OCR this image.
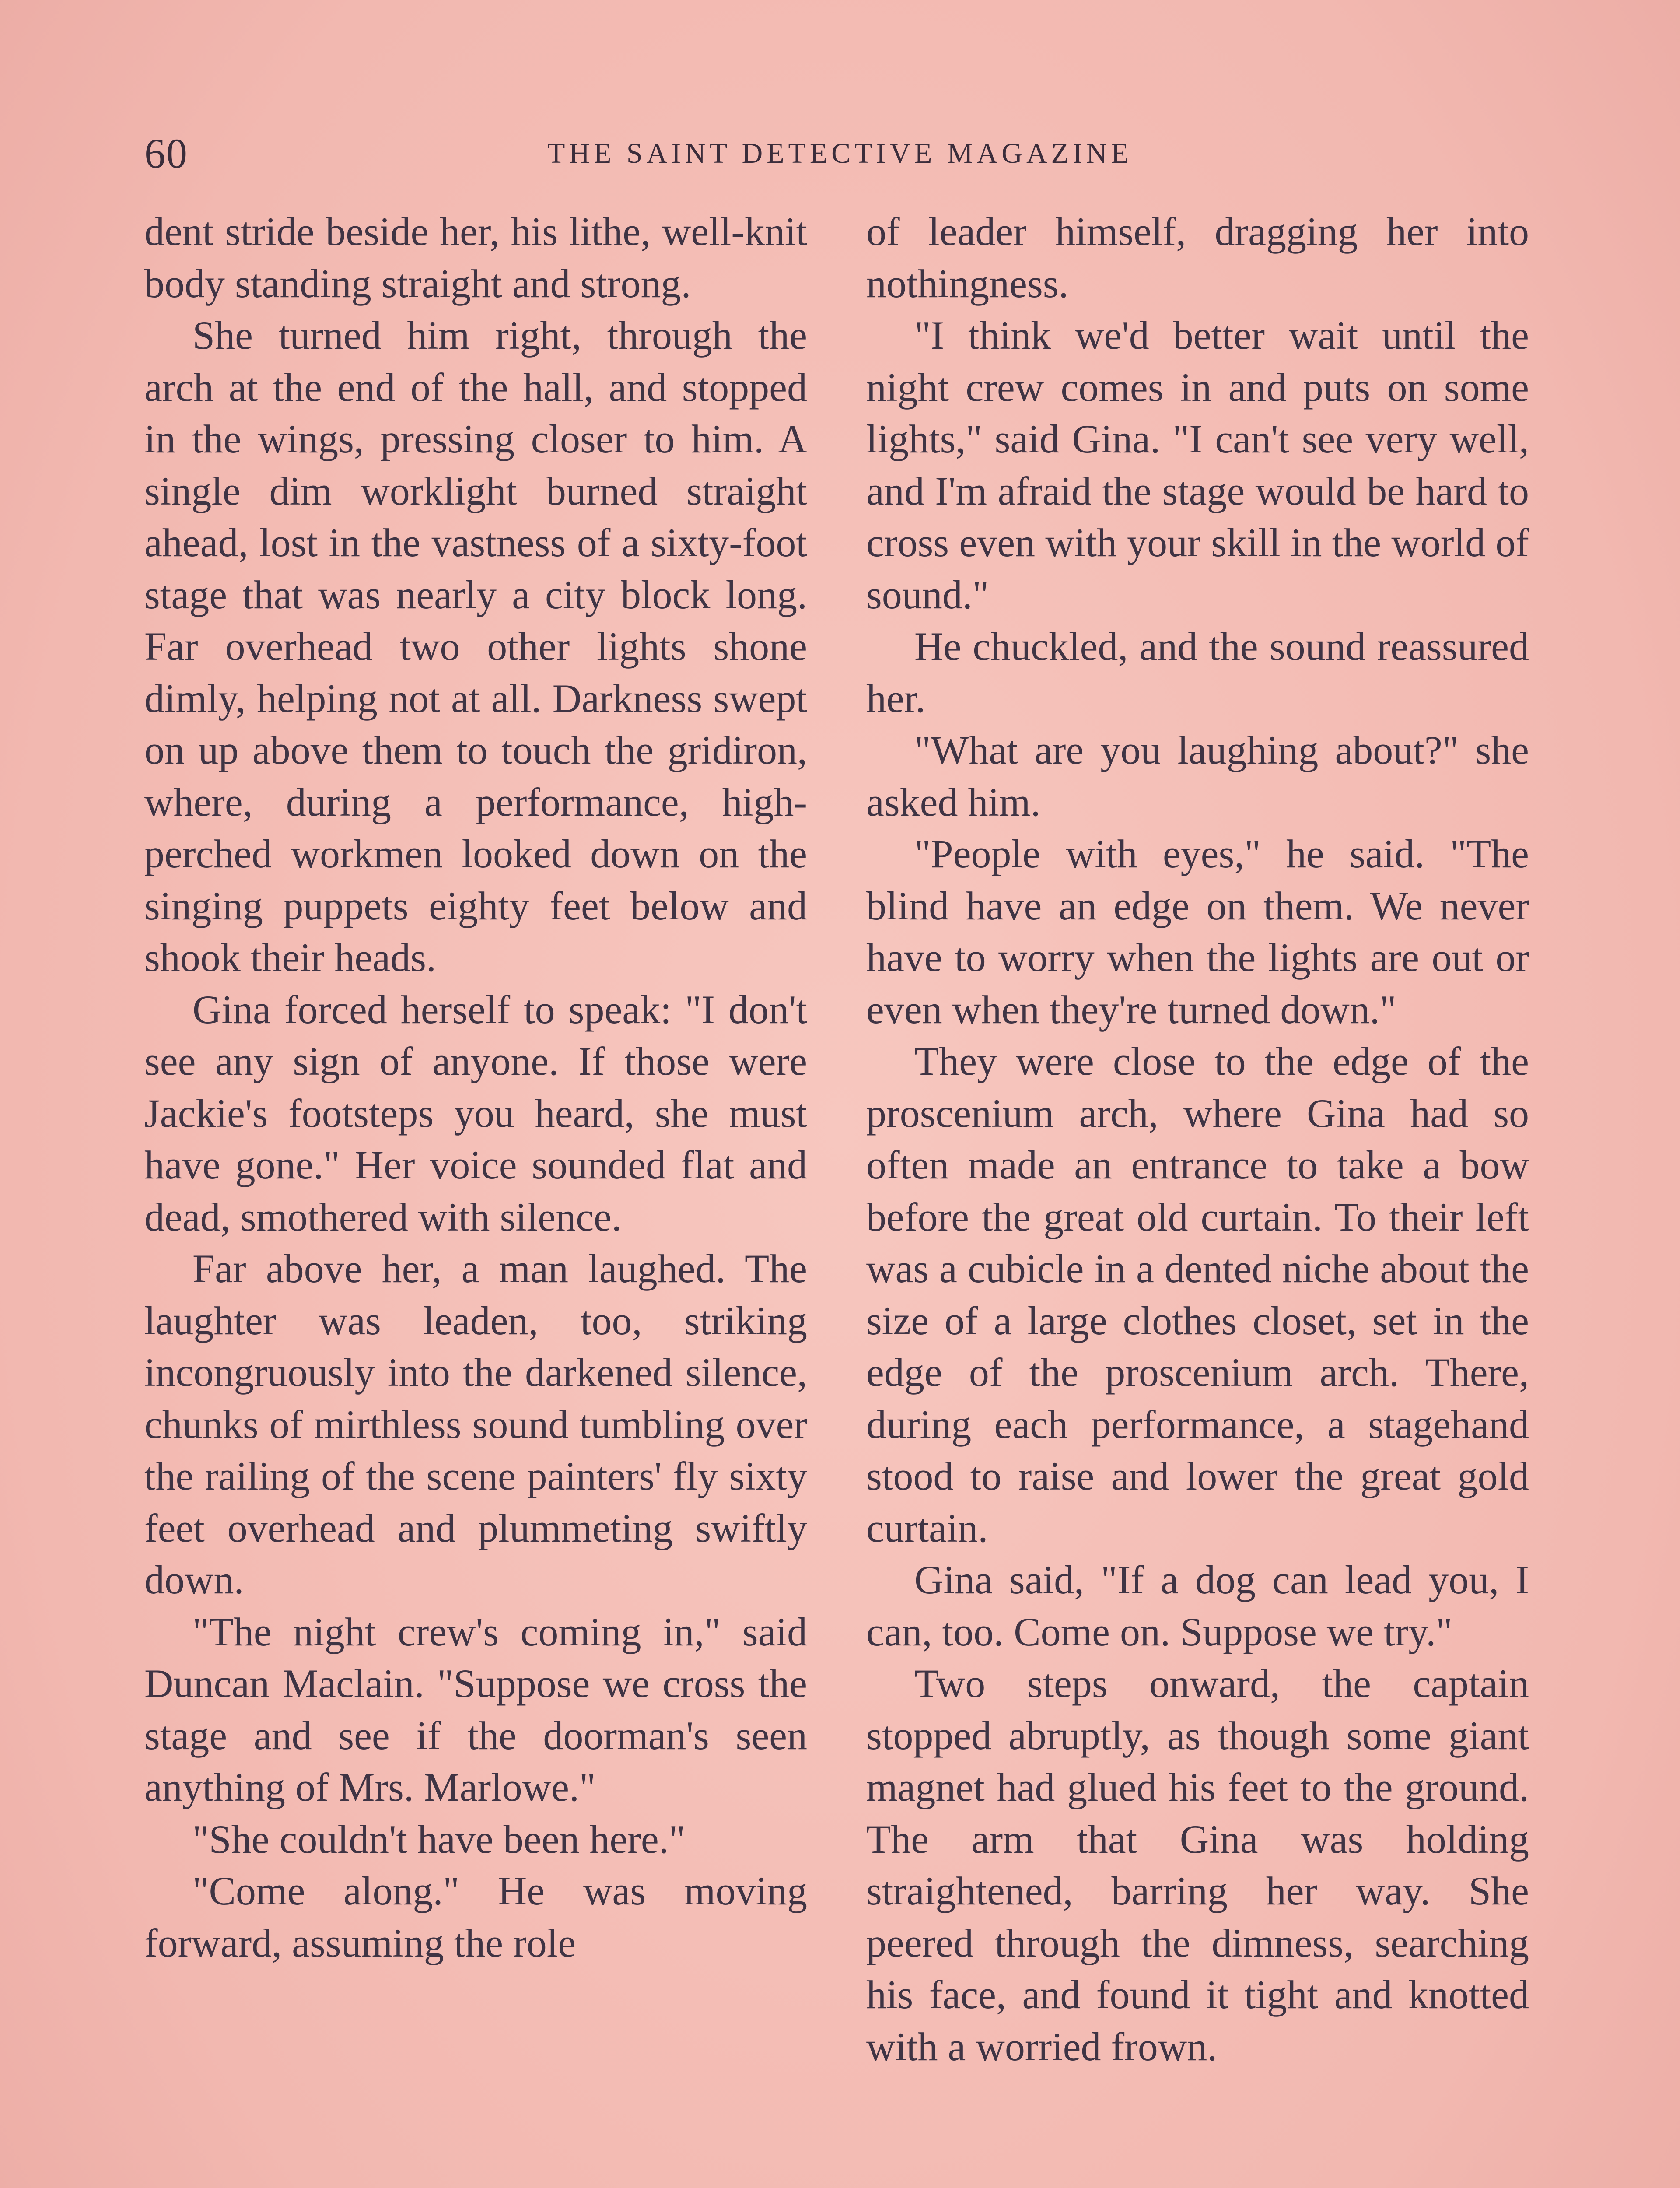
60	THE SAINT DETECTIVE MAGAZINE

dent stride beside her, his lithe, well-knit body standing straight and strong.

She turned him right, through the arch at the end of the hall, and stopped in the wings, pressing closer to him. A single dim worklight burned straight ahead, lost in the vastness of a sixty-foot stage that was nearly a city block long. Far overhead two other lights shone dimly, helping not at all. Darkness swept on up above them to touch the gridiron, where, during a performance, high-perched workmen looked down on the singing puppets eighty feet below and shook their heads.

Gina forced herself to speak: "I don't see any sign of anyone. If those were Jackie's footsteps you heard, she must have gone." Her voice sounded flat and dead, smothered with silence.

Far above her, a man laughed. The laughter was leaden, too, striking incongruously into the darkened silence, chunks of mirthless sound tumbling over the railing of the scene painters' fly sixty feet overhead and plummeting swiftly down.

"The night crew's coming in," said Duncan Maclain. "Suppose we cross the stage and see if the doorman's seen anything of Mrs. Marlowe."

"She couldn't have been here."

"Come along." He was moving forward, assuming the role

of leader himself, dragging her into nothingness.

"I think we'd better wait until the night crew comes in and puts on some lights," said Gina. "I can't see very well, and I'm afraid the stage would be hard to cross even with your skill in the world of sound."

He chuckled, and the sound reassured her.

"What are you laughing about?" she asked him.

"People with eyes," he said. "The blind have an edge on them. We never have to worry when the lights are out or even when they're turned down."

They were close to the edge of the proscenium arch, where Gina had so often made an entrance to take a bow before the great old curtain. To their left was a cubicle in a dented niche about the size of a large clothes closet, set in the edge of the proscenium arch. There, during each performance, a stagehand stood to raise and lower the great gold curtain.

Gina said, "If a dog can lead you, I can, too. Come on. Suppose we try."

Two steps onward, the captain stopped abruptly, as though some giant magnet had glued his feet to the ground. The arm that Gina was holding straightened, barring her way. She peered through the dimness, searching his face, and found it tight and knotted with a worried frown.
